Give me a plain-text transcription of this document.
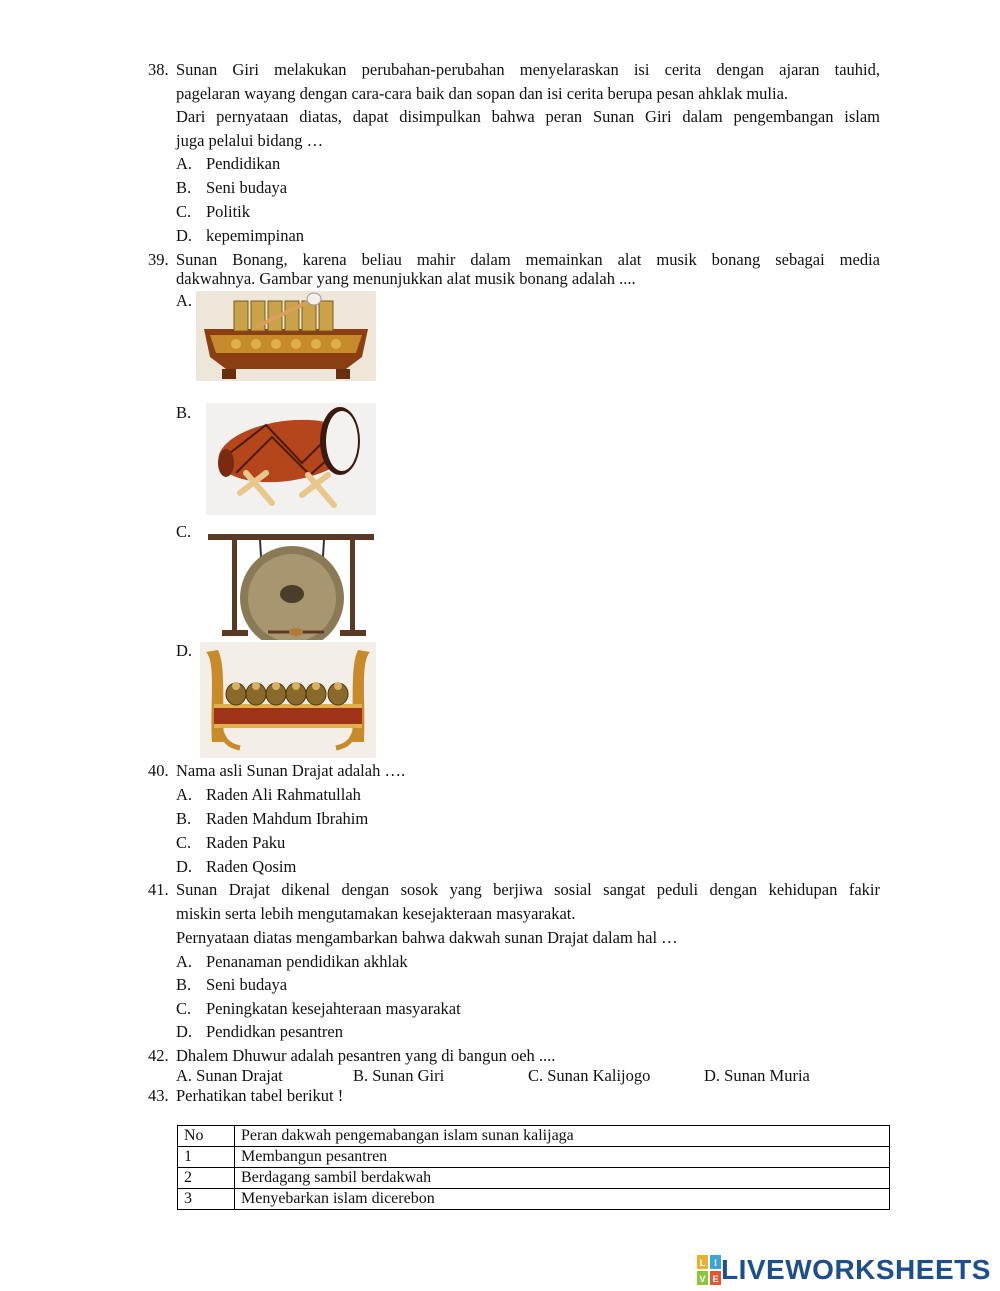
38. Sunan Giri melakukan perubahan-perubahan menyelaraskan isi cerita dengan ajaran tauhid,
pagelaran wayang dengan cara-cara baik dan sopan dan isi cerita berupa pesan ahklak mulia.
Dari pernyataan diatas, dapat disimpulkan bahwa peran Sunan Giri dalam pengembangan islam
juga pelalui bidang …
A. Pendidikan
B. Seni budaya
C. Politik
D. kepemimpinan
39. Sunan Bonang, karena beliau mahir dalam memainkan alat musik bonang sebagai media
dakwahnya. Gambar yang menunjukkan alat musik bonang adalah ....
A.
B.
C.
D.
40. Nama asli Sunan Drajat adalah ….
A. Raden Ali Rahmatullah
B. Raden Mahdum Ibrahim
C. Raden Paku
D. Raden Qosim
41. Sunan Drajat dikenal dengan sosok yang berjiwa sosial sangat peduli dengan kehidupan fakir
miskin serta lebih mengutamakan kesejakteraan masyarakat.
Pernyataan diatas mengambarkan bahwa dakwah sunan Drajat dalam hal …
A. Penanaman pendidikan akhlak
B. Seni budaya
C. Peningkatan kesejahteraan masyarakat
D. Pendidkan pesantren
42. Dhalem Dhuwur adalah pesantren yang di bangun oeh ....
A. Sunan Drajat	B. Sunan Giri	C. Sunan Kalijogo	D. Sunan Muria
43. Perhatikan tabel berikut !
No	Peran dakwah pengemabangan islam sunan kalijaga
1	Membangun pesantren
2	Berdagang sambil berdakwah
3	Menyebarkan islam dicerebon
L I
V E LIVEWORKSHEETS
